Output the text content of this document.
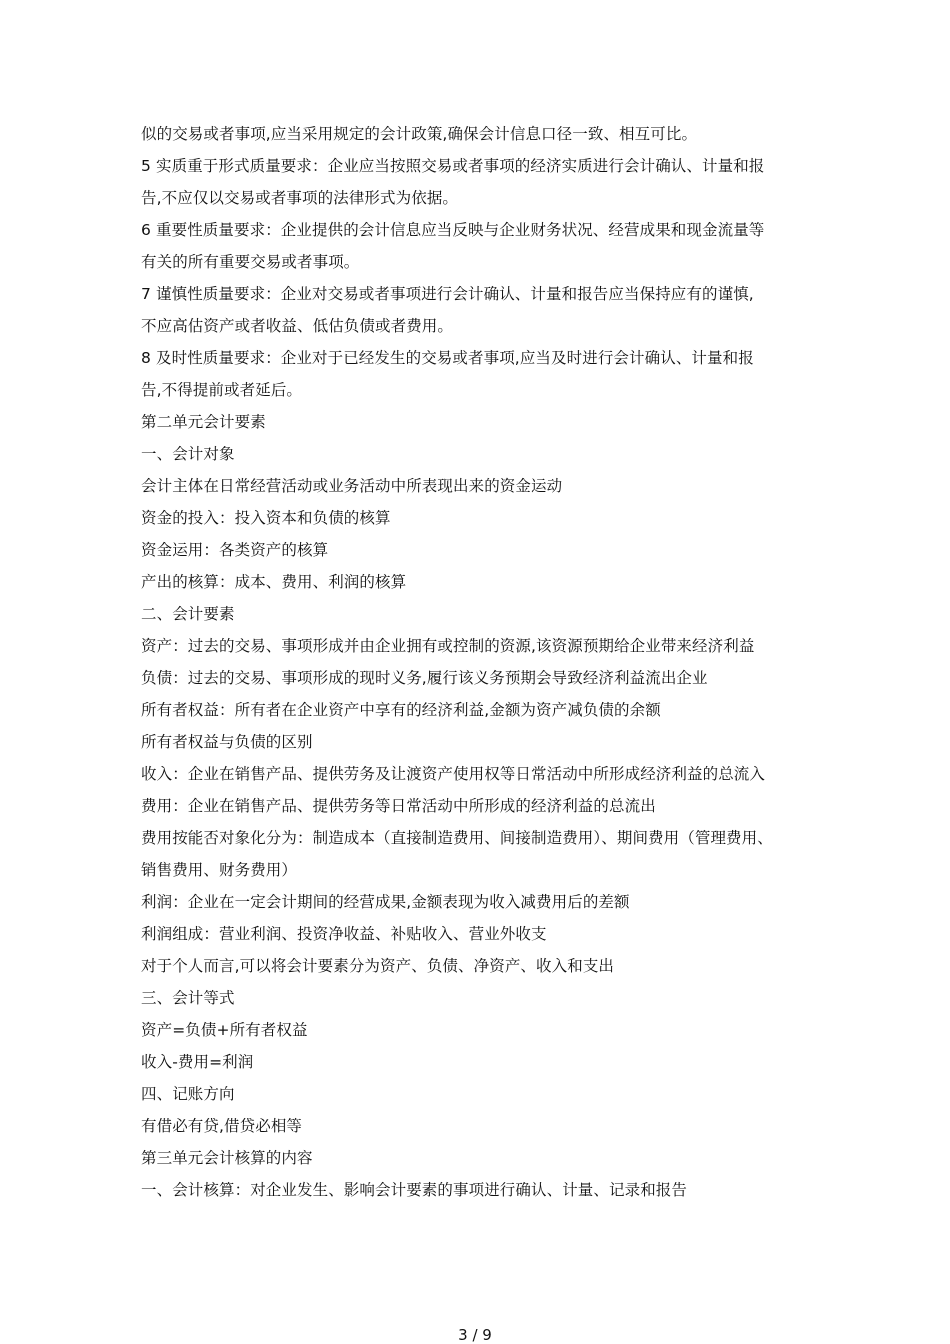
似的交易或者事项,应当采用规定的会计政策,确保会计信息口径一致、相互可比。
5 实质重于形式质量要求：企业应当按照交易或者事项的经济实质进行会计确认、计量和报
告,不应仅以交易或者事项的法律形式为依据。
6 重要性质量要求：企业提供的会计信息应当反映与企业财务状况、经营成果和现金流量等
有关的所有重要交易或者事项。
7 谨慎性质量要求：企业对交易或者事项进行会计确认、计量和报告应当保持应有的谨慎,
不应高估资产或者收益、低估负债或者费用。
8 及时性质量要求：企业对于已经发生的交易或者事项,应当及时进行会计确认、计量和报
告,不得提前或者延后。
第二单元会计要素
一、会计对象
会计主体在日常经营活动或业务活动中所表现出来的资金运动
资金的投入：投入资本和负债的核算
资金运用：各类资产的核算
产出的核算：成本、费用、利润的核算
二、会计要素
资产：过去的交易、事项形成并由企业拥有或控制的资源,该资源预期给企业带来经济利益
负债：过去的交易、事项形成的现时义务,履行该义务预期会导致经济利益流出企业
所有者权益：所有者在企业资产中享有的经济利益,金额为资产减负债的余额
所有者权益与负债的区别
收入：企业在销售产品、提供劳务及让渡资产使用权等日常活动中所形成经济利益的总流入
费用：企业在销售产品、提供劳务等日常活动中所形成的经济利益的总流出
费用按能否对象化分为：制造成本（直接制造费用、间接制造费用）、期间费用（管理费用、
销售费用、财务费用）
利润：企业在一定会计期间的经营成果,金额表现为收入减费用后的差额
利润组成：营业利润、投资净收益、补贴收入、营业外收支
对于个人而言,可以将会计要素分为资产、负债、净资产、收入和支出
三、会计等式
资产=负债+所有者权益
收入-费用=利润
四、记账方向
有借必有贷,借贷必相等
第三单元会计核算的内容
一、会计核算：对企业发生、影响会计要素的事项进行确认、计量、记录和报告
3 / 9
